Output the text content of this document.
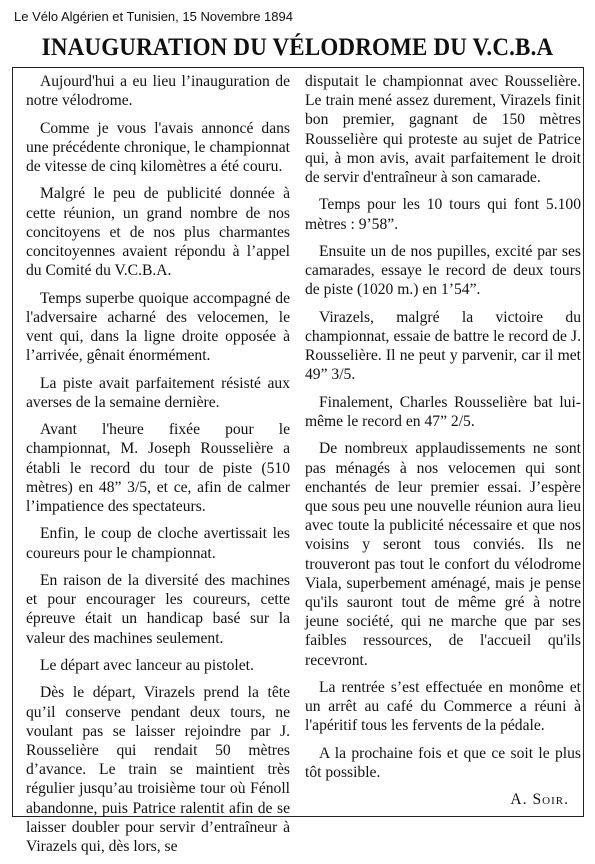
Le Vélo Algérien et Tunisien, 15 Novembre 1894
INAUGURATION DU VÉLODROME DU V.C.B.A

Aujourd'hui a eu lieu l’inauguration de notre vélodrome.

Comme je vous l'avais annoncé dans une précédente chronique, le championnat de vitesse de cinq kilomètres a été couru.

Malgré le peu de publicité donnée à cette réunion, un grand nombre de nos concitoyens et de nos plus charmantes concitoyennes avaient répondu à l’appel du Comité du V.C.B.A.

Temps superbe quoique accompagné de l'adversaire acharné des velocemen, le vent qui, dans la ligne droite opposée à l’arrivée, gênait énormément.

La piste avait parfaitement résisté aux averses de la semaine dernière.

Avant l'heure fixée pour le championnat, M. Joseph Rousselière a établi le record du tour de piste (510 mètres) en 48” 3/5, et ce, afin de calmer l’impatience des spectateurs.

Enfin, le coup de cloche avertissait les coureurs pour le championnat.

En raison de la diversité des machines et pour encourager les coureurs, cette épreuve était un handicap basé sur la valeur des machines seulement.

Le départ avec lanceur au pistolet.

Dès le départ, Virazels prend la tête qu’il conserve pendant deux tours, ne voulant pas se laisser rejoindre par J. Rousselière qui rendait 50 mètres d’avance. Le train se maintient très régulier jusqu’au troisième tour où Fénoll abandonne, puis Patrice ralentit afin de se laisser doubler pour servir d’entraîneur à Virazels qui, dès lors, se

disputait le championnat avec Rousselière. Le train mené assez durement, Virazels finit bon premier, gagnant de 150 mètres Rousselière qui proteste au sujet de Patrice qui, à mon avis, avait parfaitement le droit de servir d'entraîneur à son camarade.

Temps pour les 10 tours qui font 5.100 mètres : 9’58”.

Ensuite un de nos pupilles, excité par ses camarades, essaye le record de deux tours de piste (1020 m.) en 1’54”.

Virazels, malgré la victoire du championnat, essaie de battre le record de J. Rousselière. Il ne peut y parvenir, car il met 49” 3/5.

Finalement, Charles Rousselière bat lui-même le record en 47” 2/5.

De nombreux applaudissements ne sont pas ménagés à nos velocemen qui sont enchantés de leur premier essai. J’espère que sous peu une nouvelle réunion aura lieu avec toute la publicité nécessaire et que nos voisins y seront tous conviés. Ils ne trouveront pas tout le confort du vélodrome Viala, superbement aménagé, mais je pense qu'ils sauront tout de même gré à notre jeune société, qui ne marche que par ses faibles ressources, de l'accueil qu'ils recevront.

La rentrée s’est effectuée en monôme et un arrêt au café du Commerce a réuni à l'apéritif tous les fervents de la pédale.

A la prochaine fois et que ce soit le plus tôt possible.

A. Soir.
